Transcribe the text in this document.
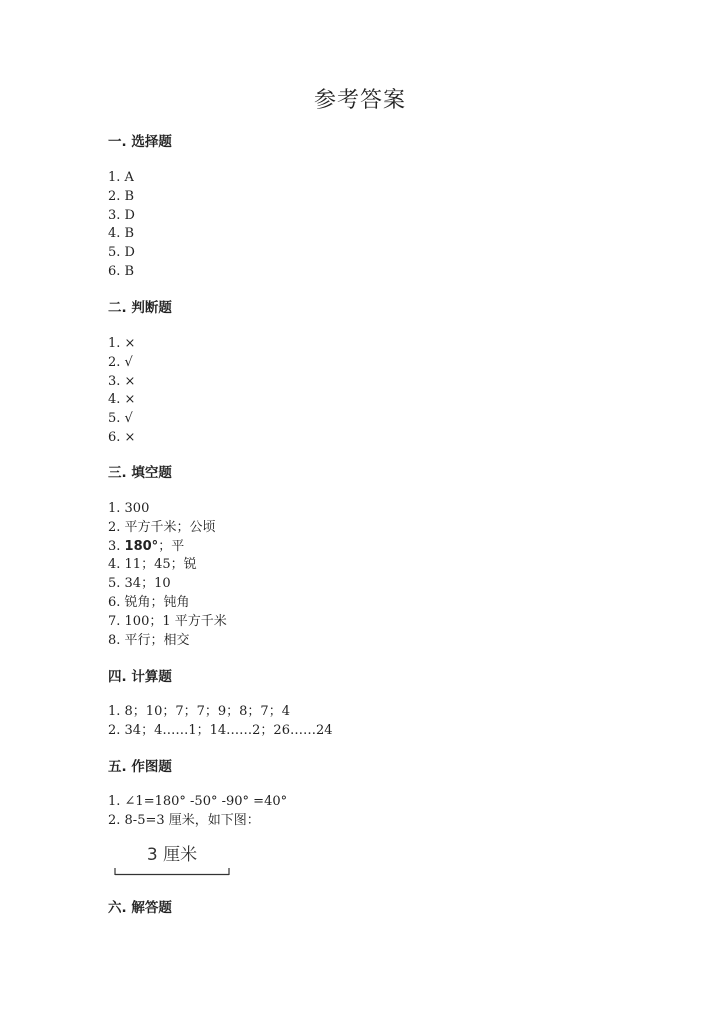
参考答案
一. 选择题
1. A
2. B
3. D
4. B
5. D
6. B
二. 判断题
1. ×
2. √
3. ×
4. ×
5. √
6. ×
三. 填空题
1. 300
2. 平方千米；公顷
3. 180°；平
4. 11；45；锐
5. 34；10
6. 锐角；钝角
7. 100；1 平方千米
8. 平行；相交
四. 计算题
1. 8；10；7；7；9；8；7；4
2. 34；4……1；14……2；26……24
五. 作图题
1. ∠1=180° -50° -90° =40°
2. 8-5=3 厘米，如下图：
3 厘米
六. 解答题
